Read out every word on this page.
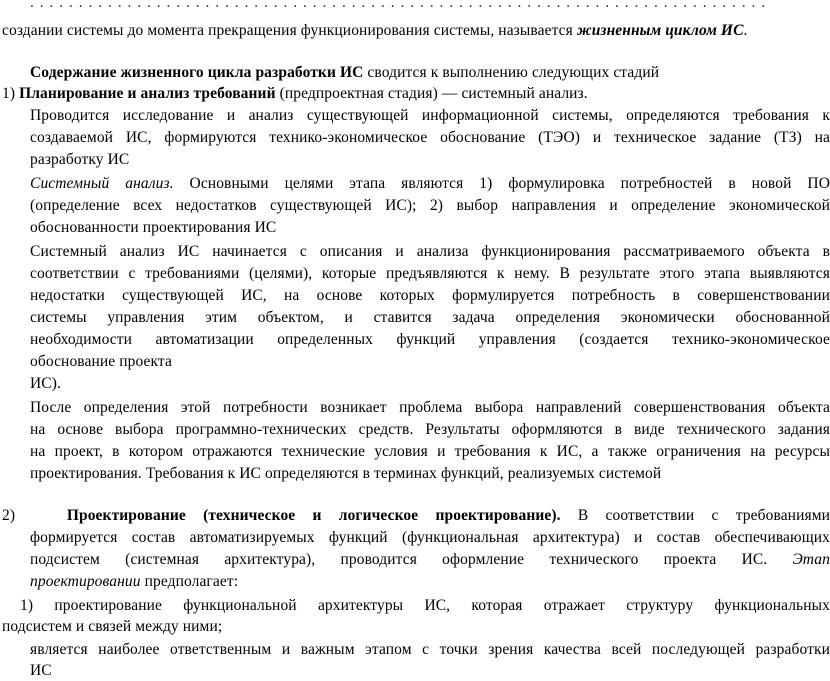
. . . . . . . . . . . . . . . . . . . . . . . . . . . . . . . . . . . . . . . . . . . . . . . . . . . . . . . . . . . . . . . . . . . . . . . . . . . .
создании системы до момента прекращения функционирования системы, называется жизненным циклом ИС.
Содержание жизненного цикла разработки ИС сводится к выполнению следующих стадий
1) Планирование и анализ требований (предпроектная стадия) — системный анализ.
Проводится исследование и анализ существующей информационной системы, определяются требования к
создаваемой ИС, формируются технико-экономическое обоснование (ТЭО) и техническое задание (ТЗ) на
разработку ИС
Системный анализ. Основными целями этапа являются 1) формулировка потребностей в новой ПО
(определение всех недостатков существующей ИС); 2) выбор направления и определение экономической
обоснованности проектирования ИС
Системный анализ ИС начинается с описания и анализа функционирования рассматриваемого объекта в
соответствии с требованиями (целями), которые предъявляются к нему. В результате этого этапа выявляются
недостатки существующей ИС, на основе которых формулируется потребность в совершенствовании
системы управления этим объектом, и ставится задача определения экономически обоснованной
необходимости автоматизации определенных функций управления (создается технико-экономическое
обоснование проекта
ИС).
После определения этой потребности возникает проблема выбора направлений совершенствования объекта
на основе выбора программно-технических средств. Результаты оформляются в виде технического задания
на проект, в котором отражаются технические условия и требования к ИС, а также ограничения на ресурсы
проектирования. Требования к ИС определяются в терминах функций, реализуемых системой
2)	Проектирование (техническое и логическое проектирование). В соответствии с требованиями
формируется состав автоматизируемых функций (функциональная архитектура) и состав обеспечивающих
подсистем (системная архитектура), проводится оформление технического проекта ИС. Этап
проектировании предполагает:
1) проектирование функциональной архитектуры ИС, которая отражает структуру функциональных
подсистем и связей между ними;
является наиболее ответственным и важным этапом с точки зрения качества всей последующей разработки
ИС
